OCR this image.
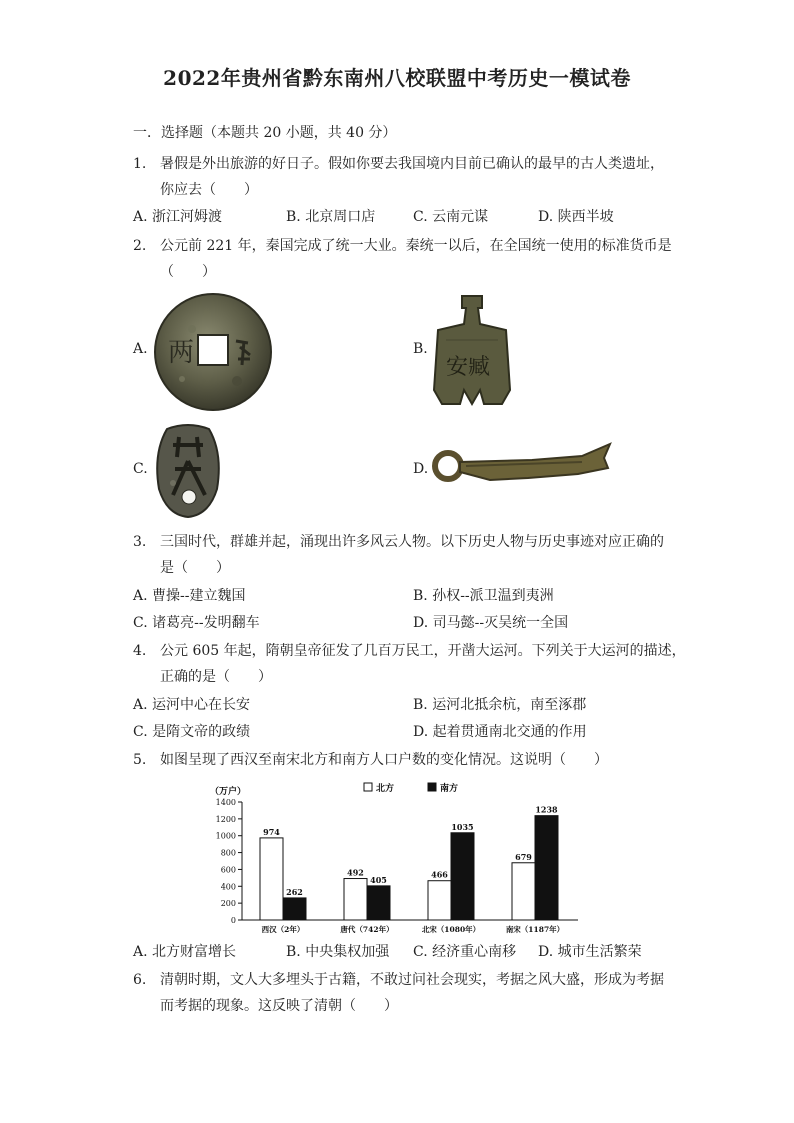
2022年贵州省黔东南州八校联盟中考历史一模试卷
一．选择题（本题共 20 小题，共 40 分）
1. 暑假是外出旅游的好日子。假如你要去我国境内目前已确认的最早的古人类遗址，
你应去（　　）
A. 浙江河姆渡	B. 北京周口店	C. 云南元谋	D. 陕西半坡
2. 公元前 221 年，秦国完成了统一大业。秦统一以后，在全国统一使用的标准货币是
（　　）
A. 两	B.
安臧
C.	D.
3. 三国时代，群雄并起，涌现出许多风云人物。以下历史人物与历史事迹对应正确的
是（　　）
A. 曹操--建立魏国	B. 孙权--派卫温到夷洲
C. 诸葛亮--发明翻车	D. 司马懿--灭吴统一全国
4. 公元 605 年起，隋朝皇帝征发了几百万民工，开凿大运河。下列关于大运河的描述，
正确的是（　　）
A. 运河中心在长安	B. 运河北抵余杭，南至涿郡
C. 是隋文帝的政绩	D. 起着贯通南北交通的作用
5. 如图呈现了西汉至南宋北方和南方人口户数的变化情况。这说明（　　）
（万户）	北方	南方
0
200
400
600
800
1000
1200
1400
974
262
西汉（2年）
492
405
唐代（742年）
466
1035
北宋（1080年）
679
1238
南宋（1187年）
A. 北方财富增长	B. 中央集权加强 C. 经济重心南移 D. 城市生活繁荣
6. 清朝时期，文人大多埋头于古籍，不敢过问社会现实，考据之风大盛，形成为考据
而考据的现象。这反映了清朝（　　）
